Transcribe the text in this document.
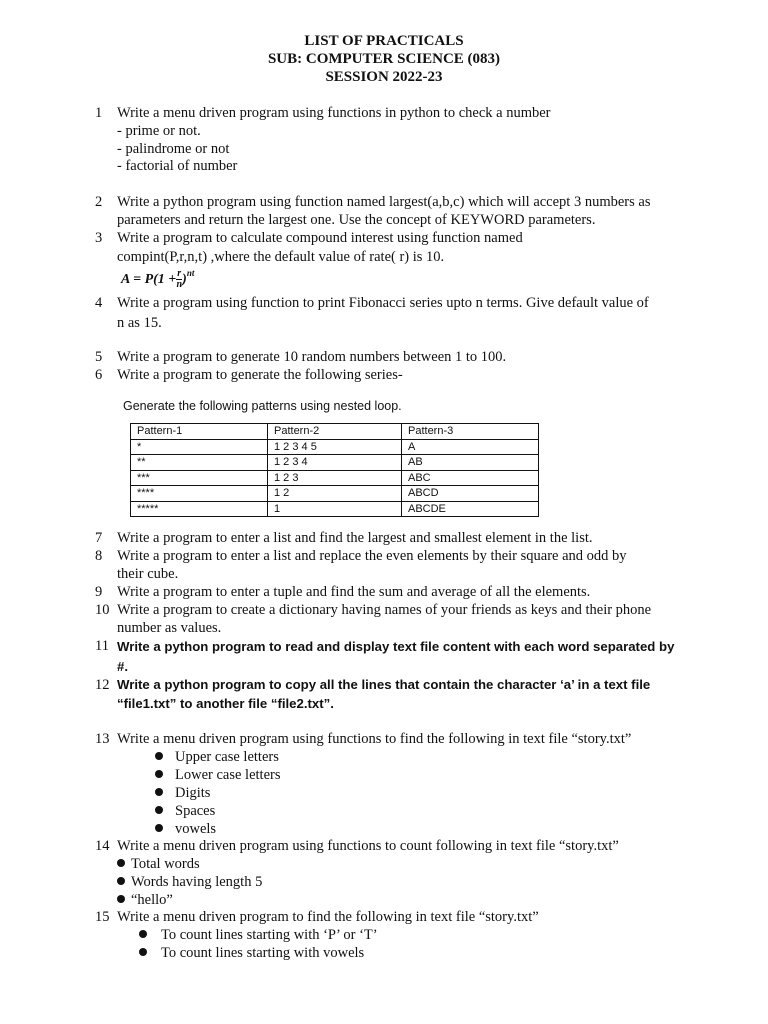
LIST OF PRACTICALS
SUB: COMPUTER SCIENCE (083)
SESSION 2022-23
1 Write a menu driven program using functions in python to check a number
- prime or not.
- palindrome or not
- factorial of number
2 Write a python program using function named largest(a,b,c) which will accept 3 numbers as
parameters and return the largest one. Use the concept of KEYWORD parameters.
3 Write a program to calculate compound interest using function named
compint(P,r,n,t) ,where the default value of rate( r) is 10.
$A = P(1 + \frac{r}{n} )^{nt}$
4 Write a program using function to print Fibonacci series upto n terms. Give default value of
n as 15.
5 Write a program to generate 10 random numbers between 1 to 100.
6 Write a program to generate the following series-
Generate the following patterns using nested loop.
Pattern-1	Pattern-2	Pattern-3
*	1 2 3 4 5	A
**	1 2 3 4	AB
***	1 2 3	ABC
****	1 2	ABCD
*****	1	ABCDE
7 Write a program to enter a list and find the largest and smallest element in the list.
8 Write a program to enter a list and replace the even elements by their square and odd by
their cube.
9 Write a program to enter a tuple and find the sum and average of all the elements.
10 Write a program to create a dictionary having names of your friends as keys and their phone
number as values.
11 Write a python program to read and display text file content with each word separated by
#.
12 Write a python program to copy all the lines that contain the character ‘a’ in a text file
“file1.txt” to another file “file2.txt”.
13 Write a menu driven program using functions to find the following in text file “story.txt”
Upper case letters
Lower case letters
Digits
Spaces
vowels
14 Write a menu driven program using functions to count following in text file “story.txt”
Total words
Words having length 5
“hello”
15 Write a menu driven program to find the following in text file “story.txt”
To count lines starting with ‘P’ or ‘T’
To count lines starting with vowels
